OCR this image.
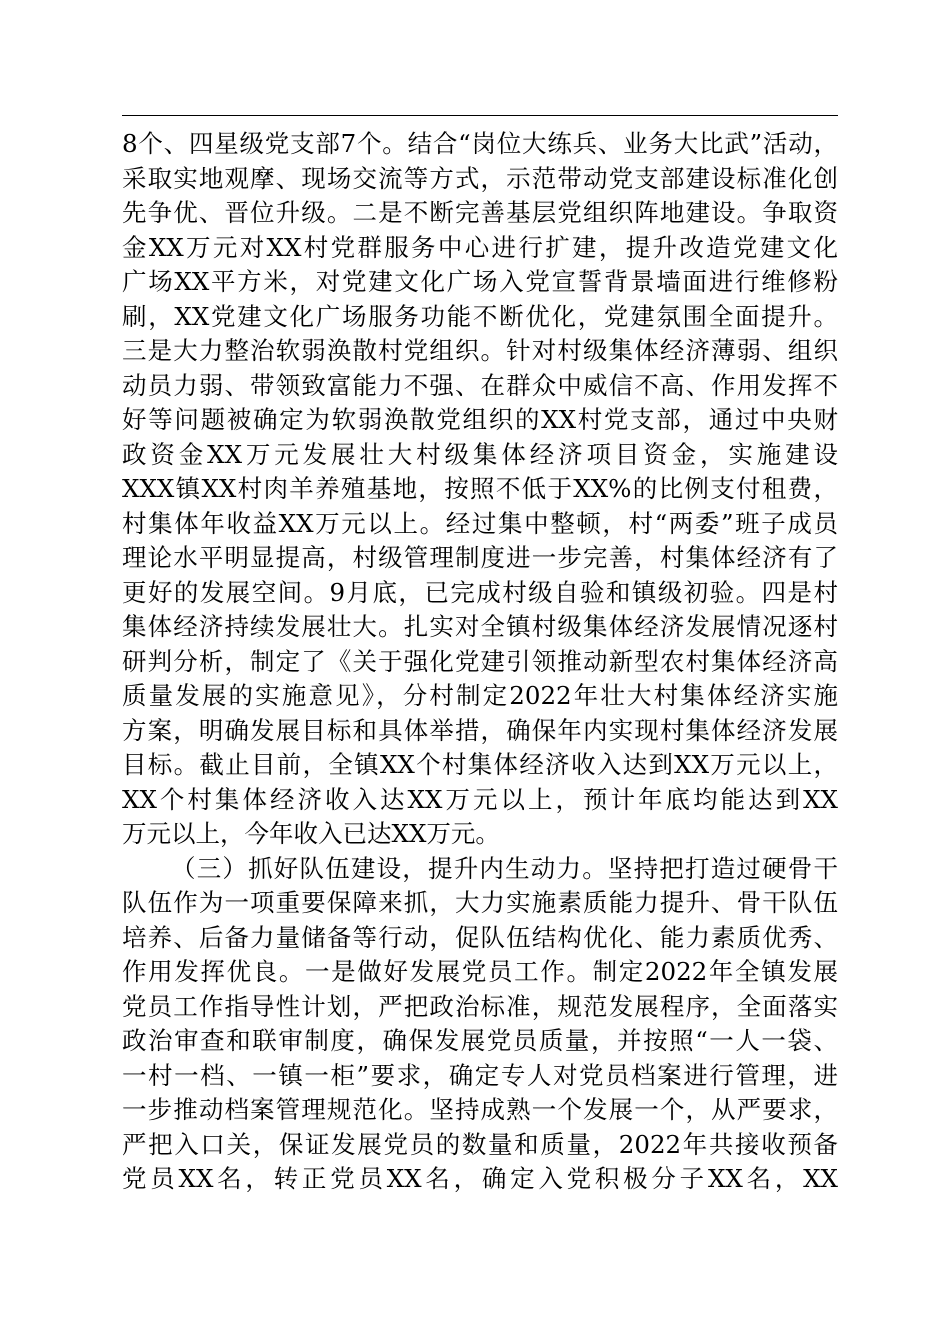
8个、四星级党支部7个。结合“岗位大练兵、业务大比武”活动，
采取实地观摩、现场交流等方式，示范带动党支部建设标准化创
先争优、晋位升级。二是不断完善基层党组织阵地建设。争取资
金XX万元对XX村党群服务中心进行扩建，提升改造党建文化
广场XX平方米，对党建文化广场入党宣誓背景墙面进行维修粉
刷，XX党建文化广场服务功能不断优化，党建氛围全面提升。
三是大力整治软弱涣散村党组织。针对村级集体经济薄弱、组织
动员力弱、带领致富能力不强、在群众中威信不高、作用发挥不
好等问题被确定为软弱涣散党组织的XX村党支部，通过中央财
政资金XX万元发展壮大村级集体经济项目资金，实施建设
XXX镇XX村肉羊养殖基地，按照不低于XX%的比例支付租费，
村集体年收益XX万元以上。经过集中整顿，村“两委”班子成员
理论水平明显提高，村级管理制度进一步完善，村集体经济有了
更好的发展空间。9月底，已完成村级自验和镇级初验。四是村
集体经济持续发展壮大。扎实对全镇村级集体经济发展情况逐村
研判分析，制定了《关于强化党建引领推动新型农村集体经济高
质量发展的实施意见》，分村制定2022年壮大村集体经济实施
方案，明确发展目标和具体举措，确保年内实现村集体经济发展
目标。截止目前，全镇XX个村集体经济收入达到XX万元以上，
XX个村集体经济收入达XX万元以上，预计年底均能达到XX
万元以上，今年收入已达XX万元。
（三）抓好队伍建设，提升内生动力。坚持把打造过硬骨干
队伍作为一项重要保障来抓，大力实施素质能力提升、骨干队伍
培养、后备力量储备等行动，促队伍结构优化、能力素质优秀、
作用发挥优良。一是做好发展党员工作。制定2022年全镇发展
党员工作指导性计划，严把政治标准，规范发展程序，全面落实
政治审查和联审制度，确保发展党员质量，并按照“一人一袋、
一村一档、一镇一柜”要求，确定专人对党员档案进行管理，进
一步推动档案管理规范化。坚持成熟一个发展一个，从严要求，
严把入口关，保证发展党员的数量和质量，2022年共接收预备
党员XX名，转正党员XX名，确定入党积极分子XX名，XX
